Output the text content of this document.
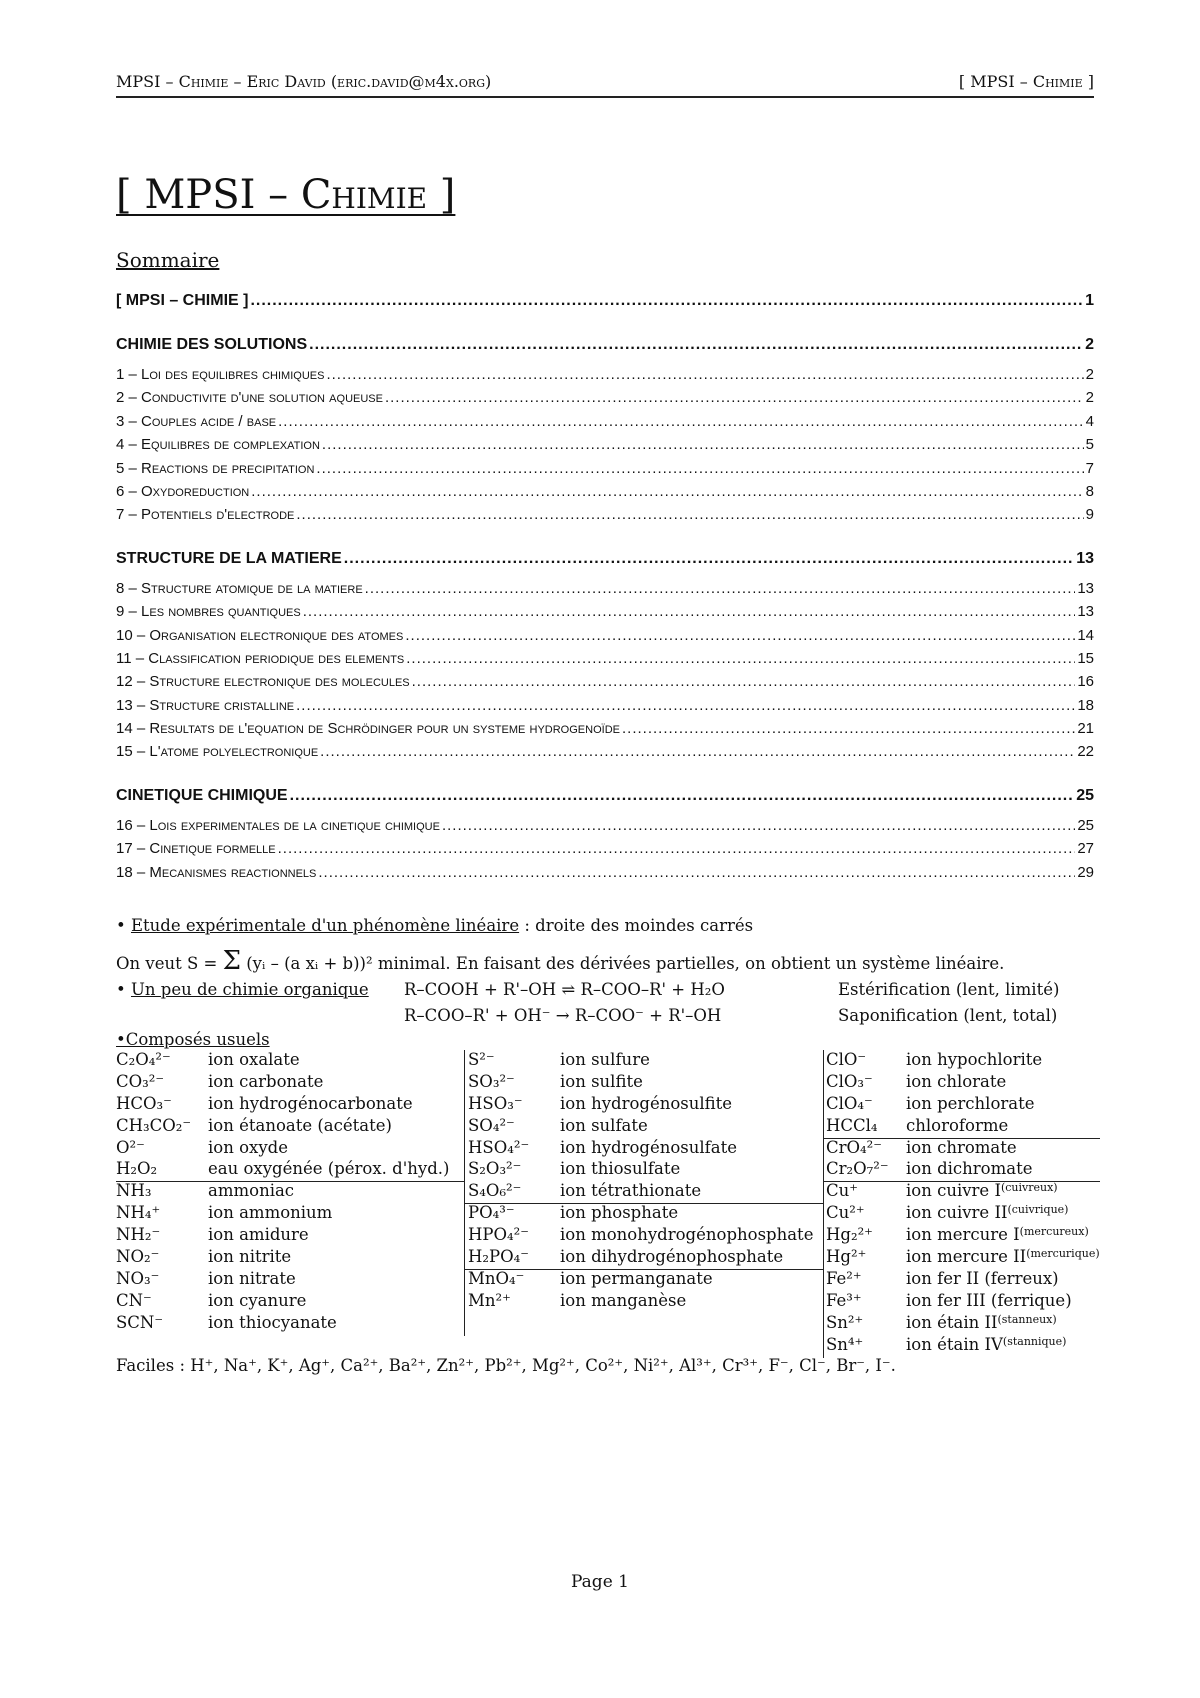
MPSI – Chimie – Eric David (eric.david@m4x.org)	[ MPSI – Chimie ]
[ MPSI – Chimie ]
Sommaire
[ MPSI – CHIMIE ] .....	1
CHIMIE DES SOLUTIONS .....	2
1 – Loi des equilibres chimiques .....	2
2 – Conductivite d'une solution aqueuse .....	2
3 – Couples acide / base .....	4
4 – Equilibres de complexation .....	5
5 – Reactions de precipitation .....	7
6 – Oxydoreduction .....	8
7 – Potentiels d'electrode .....	9
STRUCTURE DE LA MATIERE .....	13
8 – Structure atomique de la matiere .....	13
9 – Les nombres quantiques .....	13
10 – Organisation electronique des atomes .....	14
11 – Classification periodique des elements .....	15
12 – Structure electronique des molecules .....	16
13 – Structure cristalline .....	18
14 – Resultats de l'equation de Schrödinger pour un systeme hydrogenoïde .....	21
15 – L'atome polyelectronique .....	22
CINETIQUE CHIMIQUE .....	25
16 – Lois experimentales de la cinetique chimique .....	25
17 – Cinetique formelle .....	27
18 – Mecanismes reactionnels .....	29
• Etude expérimentale d'un phénomène linéaire : droite des moindes carrés
On veut S = Σ (yᵢ – (a xᵢ + b))² minimal. En faisant des dérivées partielles, on obtient un système linéaire.
• Un peu de chimie organique R–COOH + R'–OH ⇌ R–COO–R' + H₂O	Estérification (lent, limité)
R–COO–R' + OH⁻ → R–COO⁻ + R'–OH	Saponification (lent, total)
•Composés usuels
C₂O₄²⁻	ion oxalate
CO₃²⁻	ion carbonate
HCO₃⁻	ion hydrogénocarbonate
CH₃CO₂⁻	ion étanoate (acétate)
O²⁻	ion oxyde
H₂O₂	eau oxygénée (pérox. d'hyd.)
NH₃	ammoniac
NH₄⁺	ion ammonium
NH₂⁻	ion amidure
NO₂⁻	ion nitrite
NO₃⁻	ion nitrate
CN⁻	ion cyanure
SCN⁻	ion thiocyanate
S²⁻	ion sulfure
SO₃²⁻	ion sulfite
HSO₃⁻	ion hydrogénosulfite
SO₄²⁻	ion sulfate
HSO₄²⁻	ion hydrogénosulfate
S₂O₃²⁻	ion thiosulfate
S₄O₆²⁻	ion tétrathionate
PO₄³⁻	ion phosphate
HPO₄²⁻	ion monohydrogénophosphate
H₂PO₄⁻	ion dihydrogénophosphate
MnO₄⁻	ion permanganate
Mn²⁺	ion manganèse
ClO⁻	ion hypochlorite
ClO₃⁻	ion chlorate
ClO₄⁻	ion perchlorate
HCCl₄	chloroforme
CrO₄²⁻	ion chromate
Cr₂O₇²⁻	ion dichromate
Cu⁺	ion cuivre I (cuivreux)
Cu²⁺	ion cuivre II (cuivrique)
Hg₂²⁺	ion mercure I (mercureux)
Hg²⁺	ion mercure II (mercurique)
Fe²⁺	ion fer II (ferreux)
Fe³⁺	ion fer III (ferrique)
Sn²⁺	ion étain II (stanneux)
Sn⁴⁺	ion étain IV (stannique)
Faciles : H⁺, Na⁺, K⁺, Ag⁺, Ca²⁺, Ba²⁺, Zn²⁺, Pb²⁺, Mg²⁺, Co²⁺, Ni²⁺, Al³⁺, Cr³⁺, F⁻, Cl⁻, Br⁻, I⁻.
Page 1
